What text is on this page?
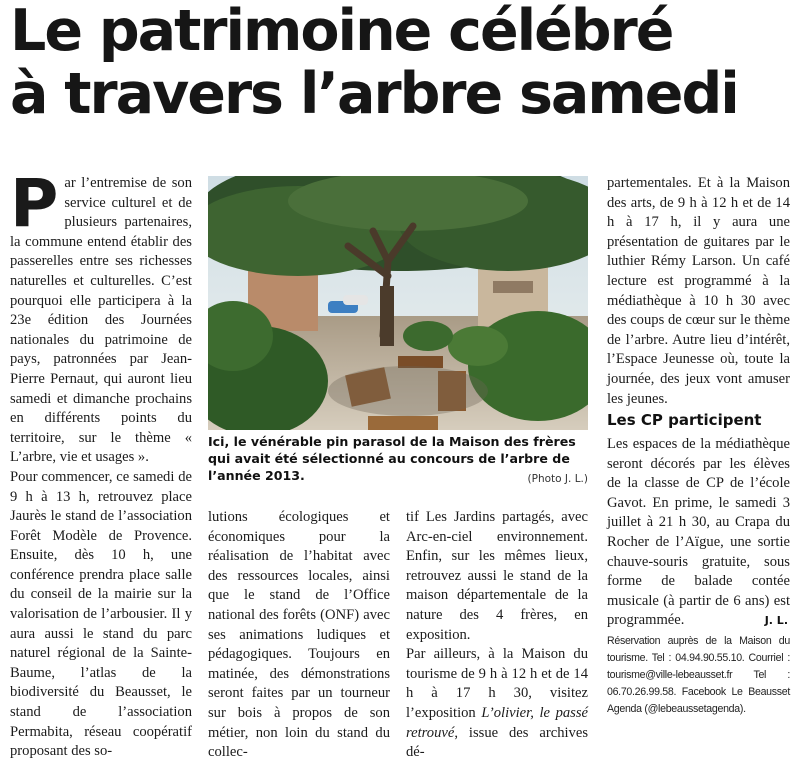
Le patrimoine célébré
à travers l’arbre samedi

Par l’entremise de son service culturel et de plusieurs partenaires, la commune entend établir des passerelles entre ses richesses naturelles et culturelles. C’est pourquoi elle participera à la 23e édition des Journées nationales du patrimoine de pays, patronnées par Jean-Pierre Pernaut, qui auront lieu samedi et dimanche prochains en différents points du territoire, sur le thème « L’arbre, vie et usages ».

Pour commencer, ce samedi de 9 h à 13 h, retrouvez place Jaurès le stand de l’association Forêt Modèle de Provence. Ensuite, dès 10 h, une conférence prendra place salle du conseil de la mairie sur la valorisation de l’arbousier. Il y aura aussi le stand du parc naturel régional de la Sainte-Baume, l’atlas de la biodiversité du Beausset, le stand de l’association Permabita, réseau coopératif proposant des so-

Ici, le vénérable pin parasol de la Maison des frères qui avait été sélectionné au concours de l’arbre de l’année 2013.	(Photo J. L.)

lutions écologiques et économiques pour la réalisation de l’habitat avec des ressources locales, ainsi que le stand de l’Office national des forêts (ONF) avec ses animations ludiques et pédagogiques. Toujours en matinée, des démonstrations seront faites par un tourneur sur bois à propos de son métier, non loin du stand du collec-

tif Les Jardins partagés, avec Arc-en-ciel environnement. Enfin, sur les mêmes lieux, retrouvez aussi le stand de la maison départementale de la nature des 4 frères, en exposition.

Par ailleurs, à la Maison du tourisme de 9 h à 12 h et de 14 h à 17 h 30, visitez l’exposition L’olivier, le passé retrouvé, issue des archives dé-

partementales. Et à la Maison des arts, de 9 h à 12 h et de 14 h à 17 h, il y aura une présentation de guitares par le luthier Rémy Larson. Un café lecture est programmé à la médiathèque à 10 h 30 avec des coups de cœur sur le thème de l’arbre. Autre lieu d’intérêt, l’Espace Jeunesse où, toute la journée, des jeux vont amuser les jeunes.

Les CP participent

Les espaces de la médiathèque seront décorés par les élèves de la classe de CP de l’école Gavot. En prime, le samedi 3 juillet à 21 h 30, au Crapa du Rocher de l’Aïgue, une sortie chauve-souris gratuite, sous forme de balade contée musicale (à partir de 6 ans) est programmée.	J. L.
Réservation auprès de la Maison du tourisme. Tel : 04.94.90.55.10. Courriel : tourisme@ville-lebeausset.fr Tel : 06.70.26.99.58. Facebook Le Beausset Agenda (@lebeaussetagenda).
